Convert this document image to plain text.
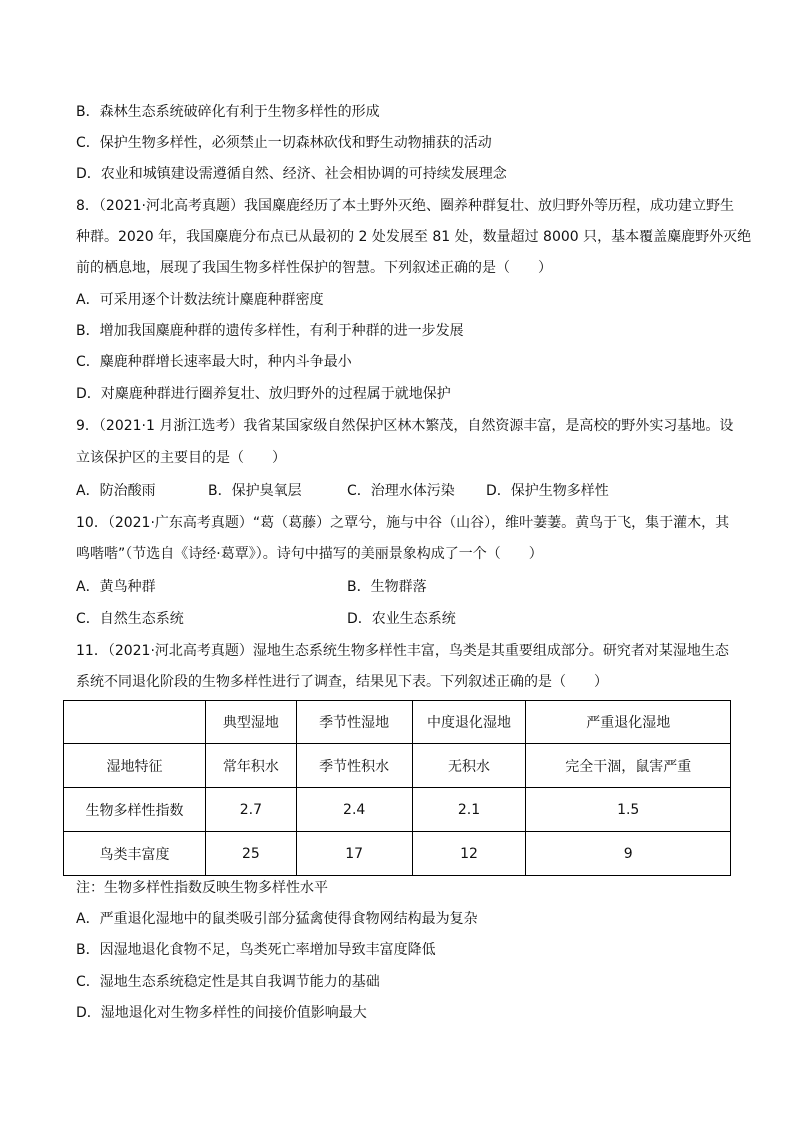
B．森林生态系统破碎化有利于生物多样性的形成
C．保护生物多样性，必须禁止一切森林砍伐和野生动物捕获的活动
D．农业和城镇建设需遵循自然、经济、社会相协调的可持续发展理念
8．（2021·河北高考真题）我国麋鹿经历了本土野外灭绝、圈养种群复壮、放归野外等历程，成功建立野生
种群。2020 年，我国麋鹿分布点已从最初的 2 处发展至 81 处，数量超过 8000 只，基本覆盖麋鹿野外灭绝
前的栖息地，展现了我国生物多样性保护的智慧。下列叙述正确的是（　　）
A．可采用逐个计数法统计麋鹿种群密度
B．增加我国麋鹿种群的遗传多样性，有利于种群的进一步发展
C．麋鹿种群增长速率最大时，种内斗争最小
D．对麋鹿种群进行圈养复壮、放归野外的过程属于就地保护
9．（2021·1 月浙江选考）我省某国家级自然保护区林木繁茂，自然资源丰富，是高校的野外实习基地。设
立该保护区的主要目的是（　　）
A．防治酸雨	B．保护臭氧层	C．治理水体污染 D．保护生物多样性
10．（2021·广东高考真题）“葛（葛藤）之覃兮，施与中谷（山谷），维叶萋萋。黄鸟于飞，集于灌木，其
鸣喈喈”（节选自《诗经·葛覃》）。诗句中描写的美丽景象构成了一个（　　）
A．黄鸟种群	B．生物群落
C．自然生态系统	D．农业生态系统
11．（2021·河北高考真题）湿地生态系统生物多样性丰富，鸟类是其重要组成部分。研究者对某湿地生态
系统不同退化阶段的生物多样性进行了调查，结果见下表。下列叙述正确的是（　　）
	典型湿地	季节性湿地	中度退化湿地	严重退化湿地
湿地特征	常年积水	季节性积水	无积水	完全干涸，鼠害严重
生物多样性指数	2.7	2.4	2.1	1.5
鸟类丰富度	25	17	12	9
注：生物多样性指数反映生物多样性水平
A．严重退化湿地中的鼠类吸引部分猛禽使得食物网结构最为复杂
B．因湿地退化食物不足，鸟类死亡率增加导致丰富度降低
C．湿地生态系统稳定性是其自我调节能力的基础
D．湿地退化对生物多样性的间接价值影响最大
